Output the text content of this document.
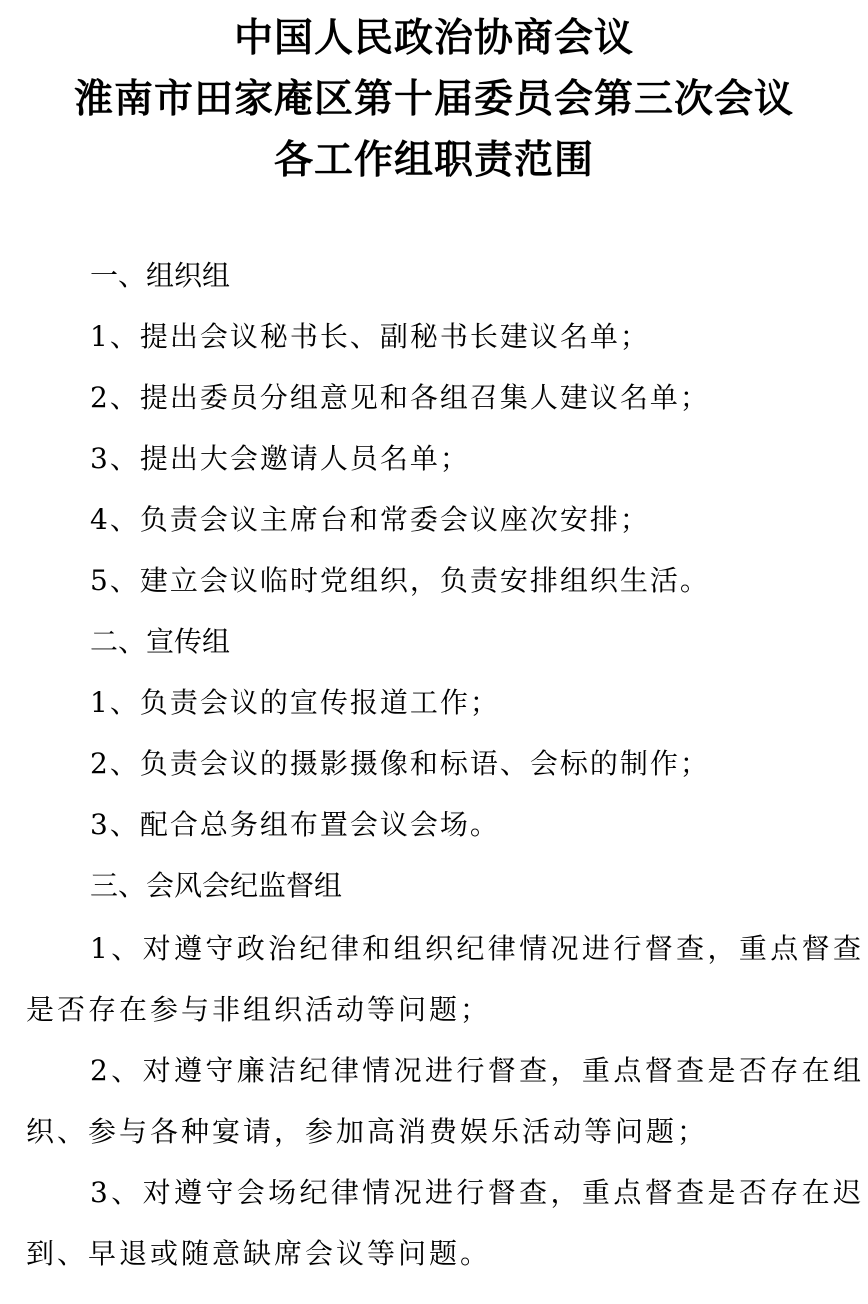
中国人民政治协商会议
淮南市田家庵区第十届委员会第三次会议
各工作组职责范围
一、组织组
1、提出会议秘书长、副秘书长建议名单；
2、提出委员分组意见和各组召集人建议名单；
3、提出大会邀请人员名单；
4、负责会议主席台和常委会议座次安排；
5、建立会议临时党组织，负责安排组织生活。
二、宣传组
1、负责会议的宣传报道工作；
2、负责会议的摄影摄像和标语、会标的制作；
3、配合总务组布置会议会场。
三、会风会纪监督组
1、对遵守政治纪律和组织纪律情况进行督查，重点督查是否存在参与非组织活动等问题；
2、对遵守廉洁纪律情况进行督查，重点督查是否存在组织、参与各种宴请，参加高消费娱乐活动等问题；
3、对遵守会场纪律情况进行督查，重点督查是否存在迟到、早退或随意缺席会议等问题。
